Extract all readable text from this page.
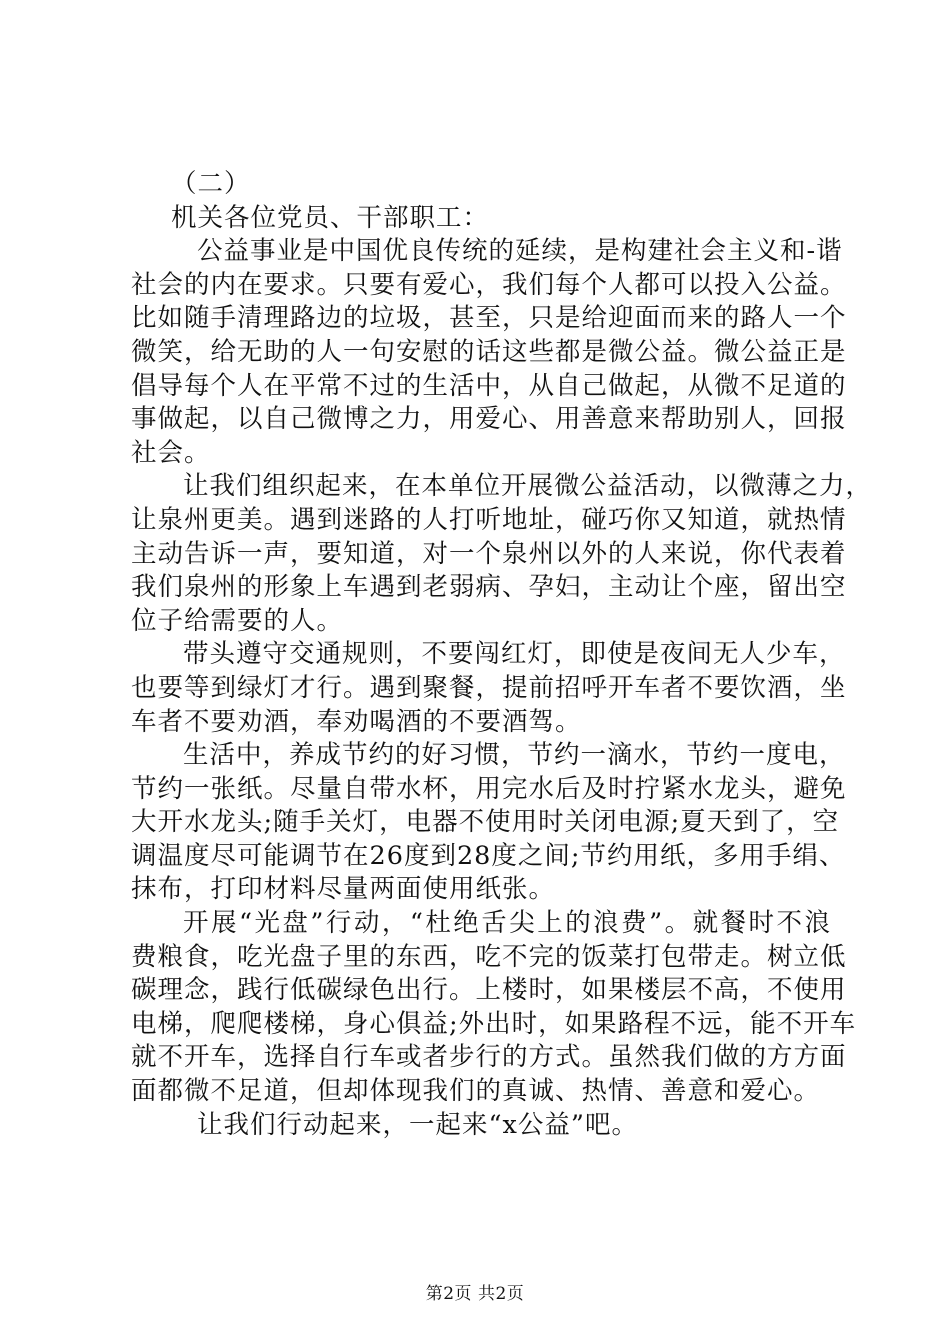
（二）
机关各位党员、干部职工：
公益事业是中国优良传统的延续，是构建社会主义和-谐
社会的内在要求。只要有爱心，我们每个人都可以投入公益。
比如随手清理路边的垃圾，甚至，只是给迎面而来的路人一个
微笑，给无助的人一句安慰的话这些都是微公益。微公益正是
倡导每个人在平常不过的生活中，从自己做起，从微不足道的
事做起，以自己微博之力，用爱心、用善意来帮助别人，回报
社会。
让我们组织起来，在本单位开展微公益活动，以微薄之力，
让泉州更美。遇到迷路的人打听地址，碰巧你又知道，就热情
主动告诉一声，要知道，对一个泉州以外的人来说，你代表着
我们泉州的形象上车遇到老弱病、孕妇，主动让个座，留出空
位子给需要的人。
带头遵守交通规则，不要闯红灯，即使是夜间无人少车，
也要等到绿灯才行。遇到聚餐，提前招呼开车者不要饮酒，坐
车者不要劝酒，奉劝喝酒的不要酒驾。
生活中，养成节约的好习惯，节约一滴水，节约一度电，
节约一张纸。尽量自带水杯，用完水后及时拧紧水龙头，避免
大开水龙头;随手关灯，电器不使用时关闭电源;夏天到了，空
调温度尽可能调节在26度到28度之间;节约用纸，多用手绢、
抹布，打印材料尽量两面使用纸张。
开展“光盘”行动，“杜绝舌尖上的浪费”。就餐时不浪
费粮食，吃光盘子里的东西，吃不完的饭菜打包带走。树立低
碳理念，践行低碳绿色出行。上楼时，如果楼层不高，不使用
电梯，爬爬楼梯，身心俱益;外出时，如果路程不远，能不开车
就不开车，选择自行车或者步行的方式。虽然我们做的方方面
面都微不足道，但却体现我们的真诚、热情、善意和爱心。
让我们行动起来，一起来“x公益”吧。
第2页 共2页
